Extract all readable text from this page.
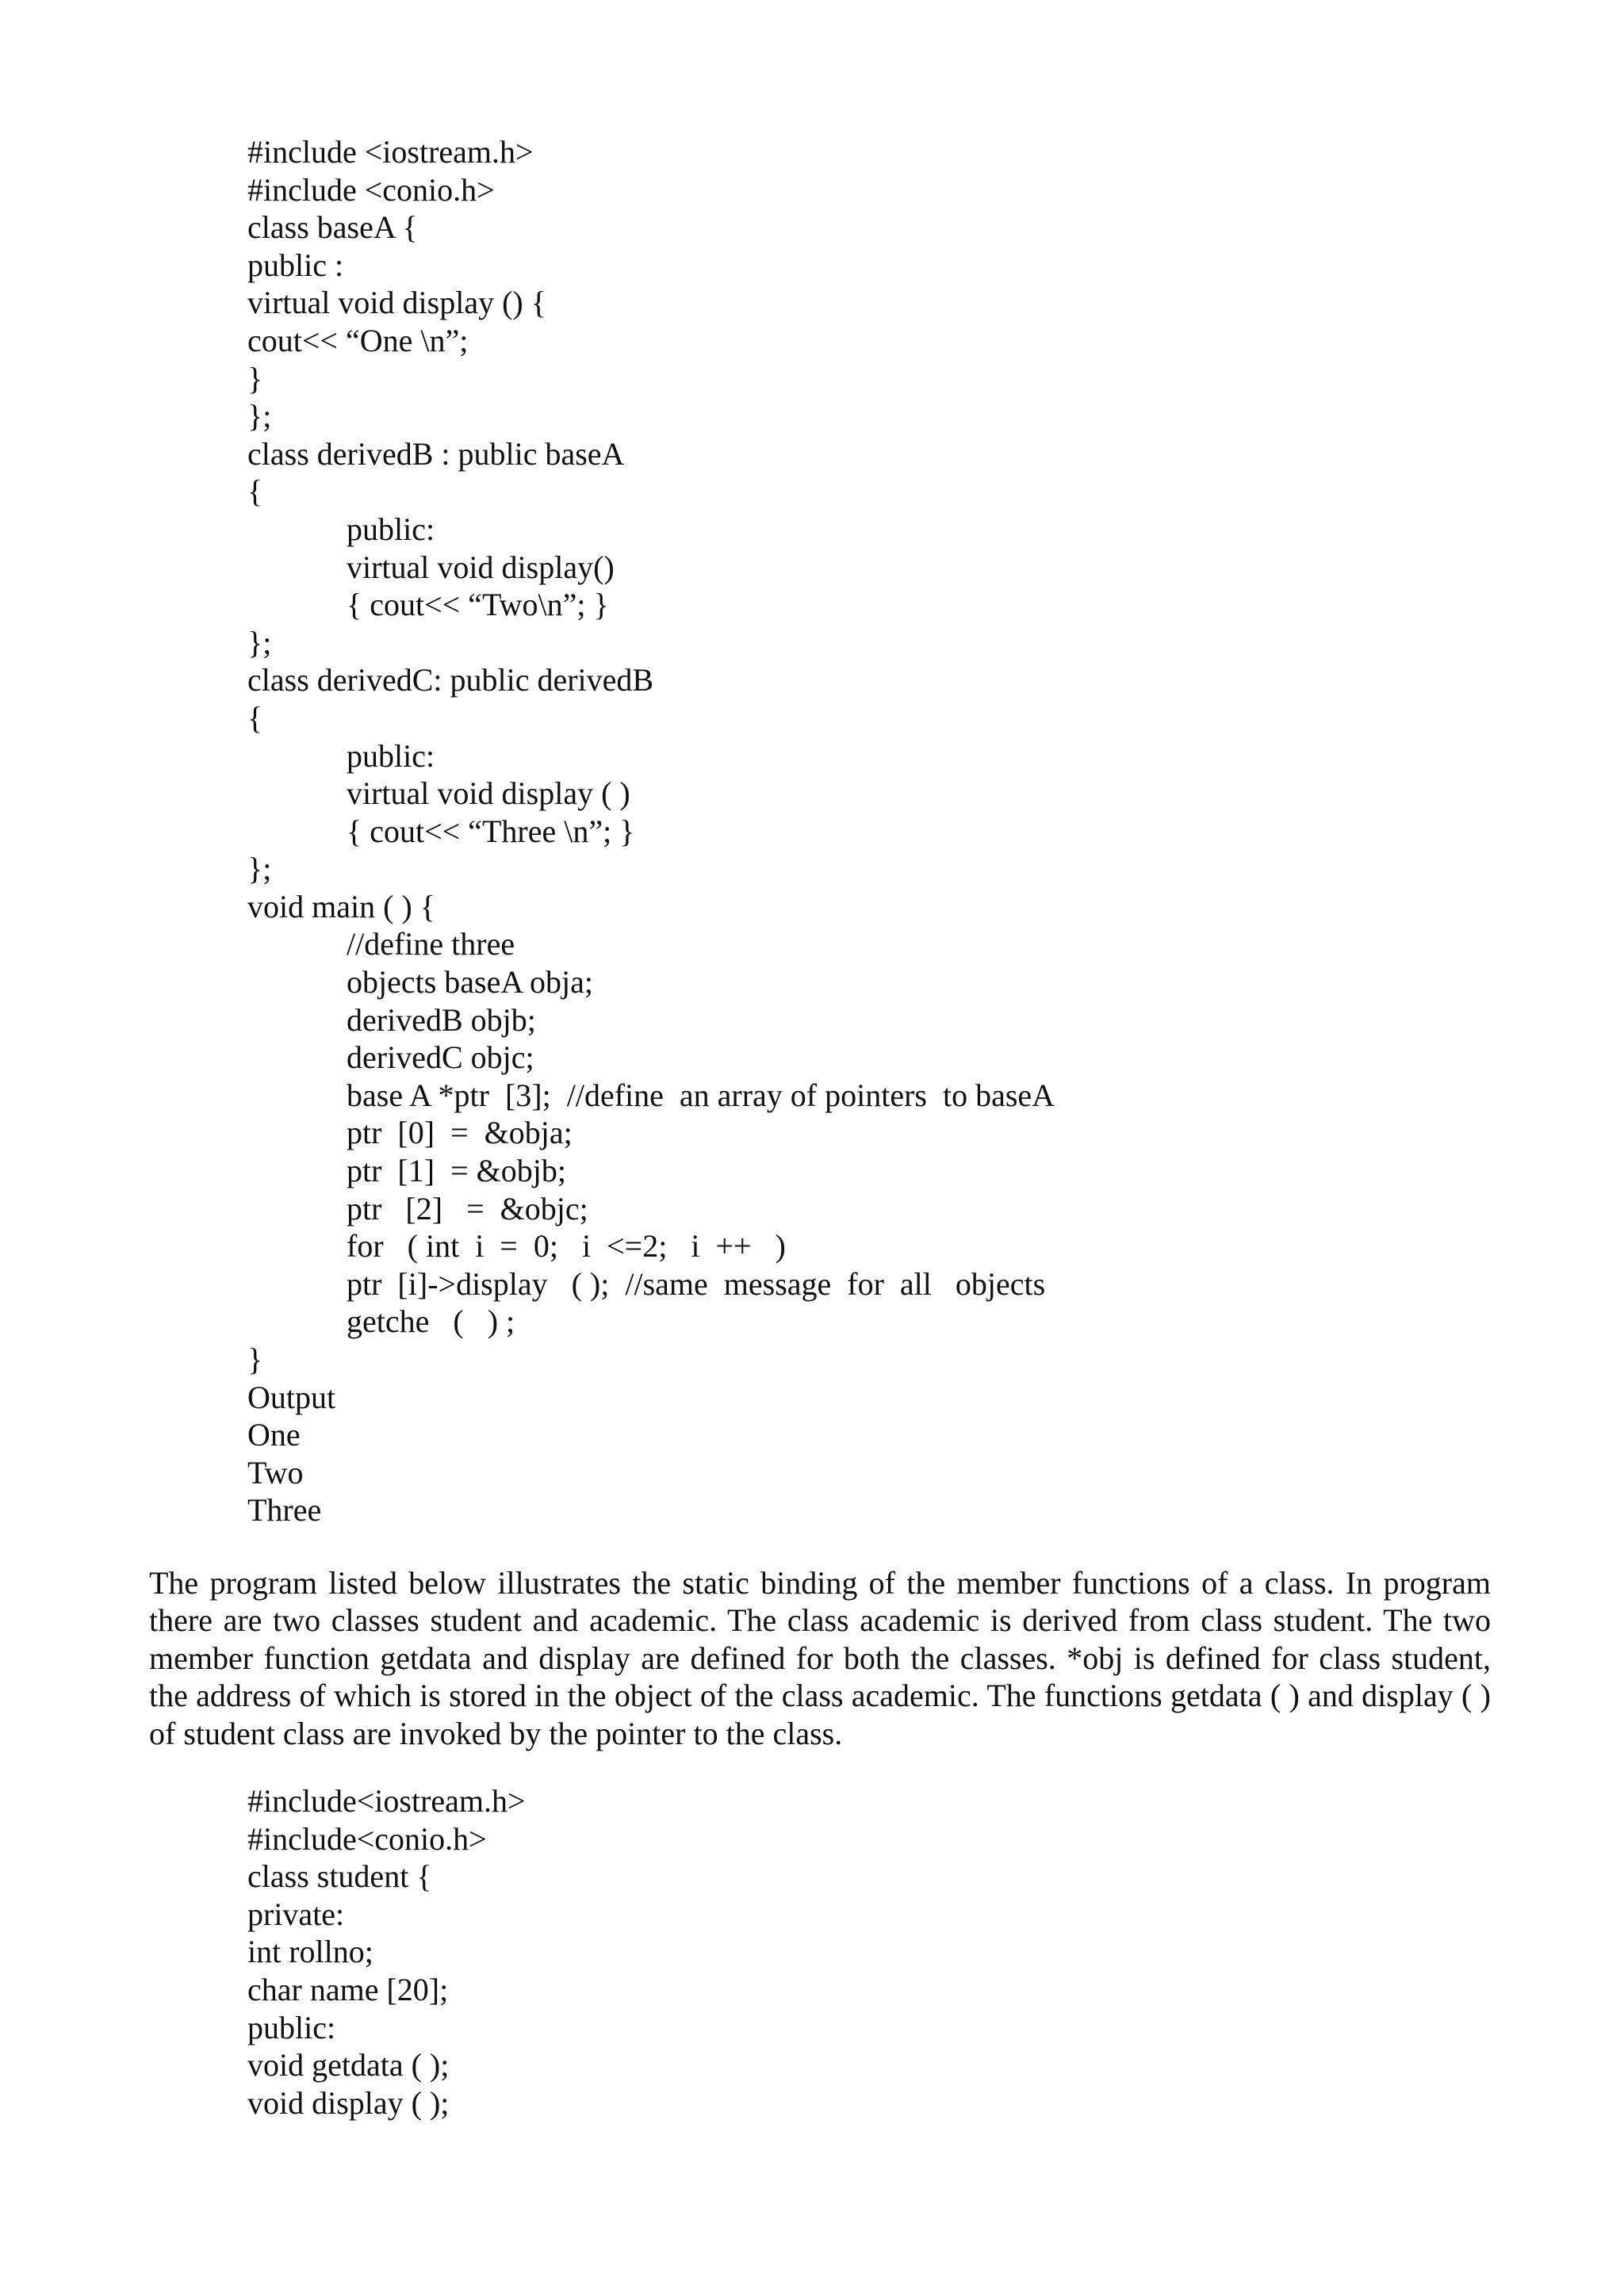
#include <iostream.h>
#include <conio.h>
class baseA {
public :
virtual void display () {
cout<< “One \n”;
}
};
class derivedB : public baseA
{
public:
virtual void display()
{ cout<< “Two\n”; }
};
class derivedC: public derivedB
{
public:
virtual void display ( )
{ cout<< “Three \n”; }
};
void main ( ) {
//define three
objects baseA obja;
derivedB objb;
derivedC objc;
base A *ptr  [3];  //define  an array of pointers  to baseA
ptr  [0]  =  &obja;
ptr  [1]  = &objb;
ptr   [2]   =  &objc;
for   ( int  i  =  0;   i  <=2;   i  ++   )
ptr  [i]->display   ( );  //same  message  for  all   objects
getche   (   ) ;
}
Output
One
Two
Three

The program listed below illustrates the static binding of the member functions of a class. In program there are two classes student and academic. The class academic is derived from class student. The two member function getdata and display are defined for both the classes. *obj is defined for class student, the address of which is stored in the object of the class academic. The functions getdata ( ) and display ( ) of student class are invoked by the pointer to the class.

#include<iostream.h>
#include<conio.h>
class student {
private:
int rollno;
char name [20];
public:
void getdata ( );
void display ( );
